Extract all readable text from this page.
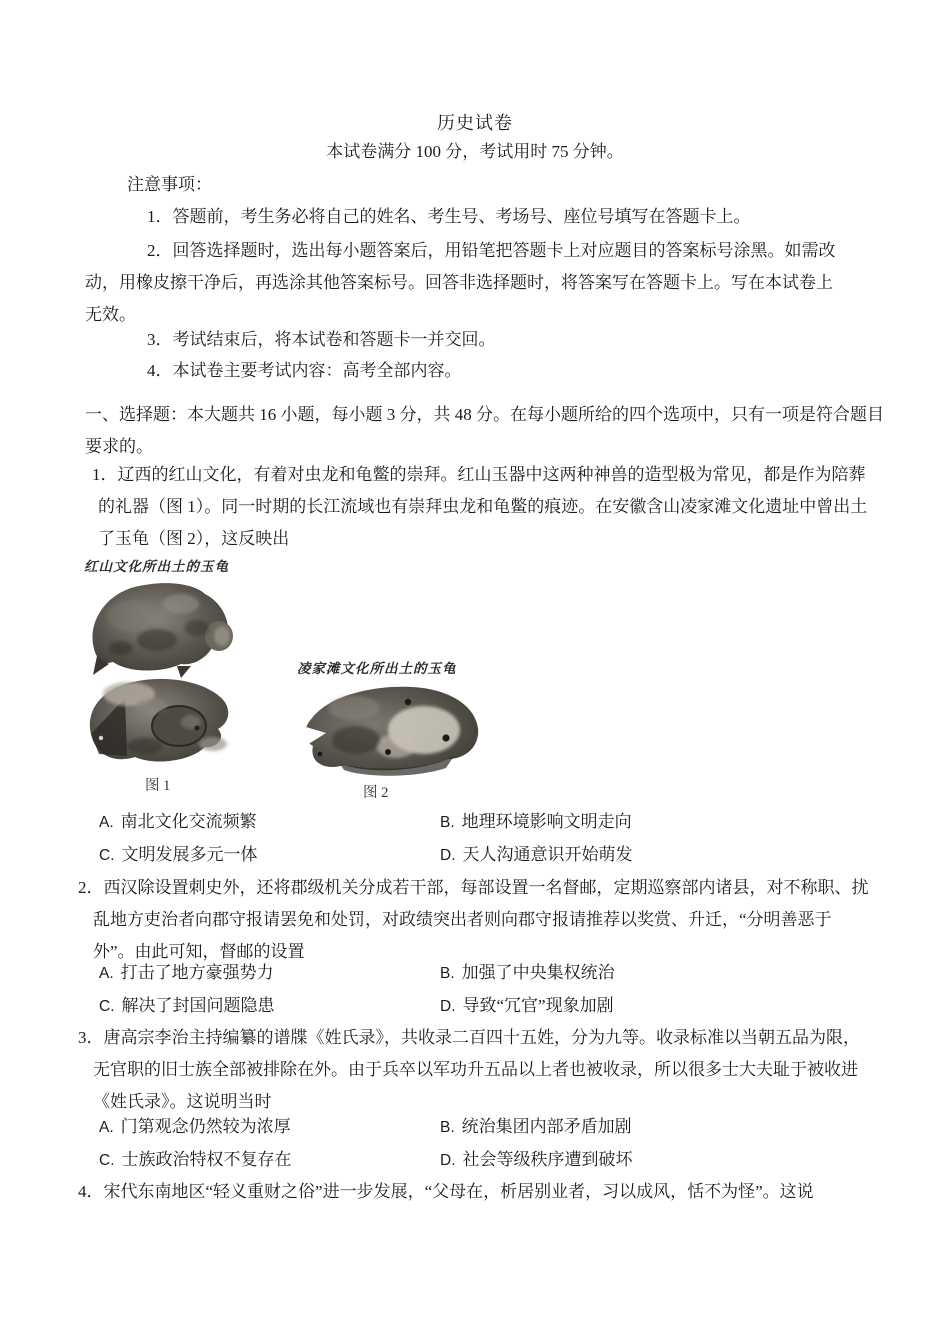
历史试卷
本试卷满分 100 分，考试用时 75 分钟。

注意事项：

1．答题前，考生务必将自己的姓名、考生号、考场号、座位号填写在答题卡上。

2．回答选择题时，选出每小题答案后，用铅笔把答题卡上对应题目的答案标号涂黑。如需改动，用橡皮擦干净后，再选涂其他答案标号。回答非选择题时，将答案写在答题卡上。写在本试卷上无效。

3．考试结束后，将本试卷和答题卡一并交回。

4．本试卷主要考试内容：高考全部内容。

一、选择题：本大题共 16 小题，每小题 3 分，共 48 分。在每小题所给的四个选项中，只有一项是符合题目要求的。

1．辽西的红山文化，有着对虫龙和龟鳖的崇拜。红山玉器中这两种神兽的造型极为常见，都是作为陪葬的礼器（图 1）。同一时期的长江流域也有崇拜虫龙和龟鳖的痕迹。在安徽含山凌家滩文化遗址中曾出土了玉龟（图 2），这反映出

红山文化所出土的玉龟
图 1
凌家滩文化所出土的玉龟
图 2
A. 南北文化交流频繁	B. 地理环境影响文明走向
C. 文明发展多元一体	D. 天人沟通意识开始萌发

2．西汉除设置刺史外，还将郡级机关分成若干部，每部设置一名督邮，定期巡察部内诸县，对不称职、扰乱地方吏治者向郡守报请罢免和处罚，对政绩突出者则向郡守报请推荐以奖赏、升迁，“分明善恶于外”。由此可知，督邮的设置

A. 打击了地方豪强势力	B. 加强了中央集权统治
C. 解决了封国问题隐患	D. 导致“冗官”现象加剧

3．唐高宗李治主持编纂的谱牒《姓氏录》，共收录二百四十五姓，分为九等。收录标准以当朝五品为限，无官职的旧士族全部被排除在外。由于兵卒以军功升五品以上者也被收录，所以很多士大夫耻于被收进《姓氏录》。这说明当时

A. 门第观念仍然较为浓厚	B. 统治集团内部矛盾加剧
C. 士族政治特权不复存在	D. 社会等级秩序遭到破坏

4．宋代东南地区“轻义重财之俗”进一步发展，“父母在，析居别业者，习以成风，恬不为怪”。这说
